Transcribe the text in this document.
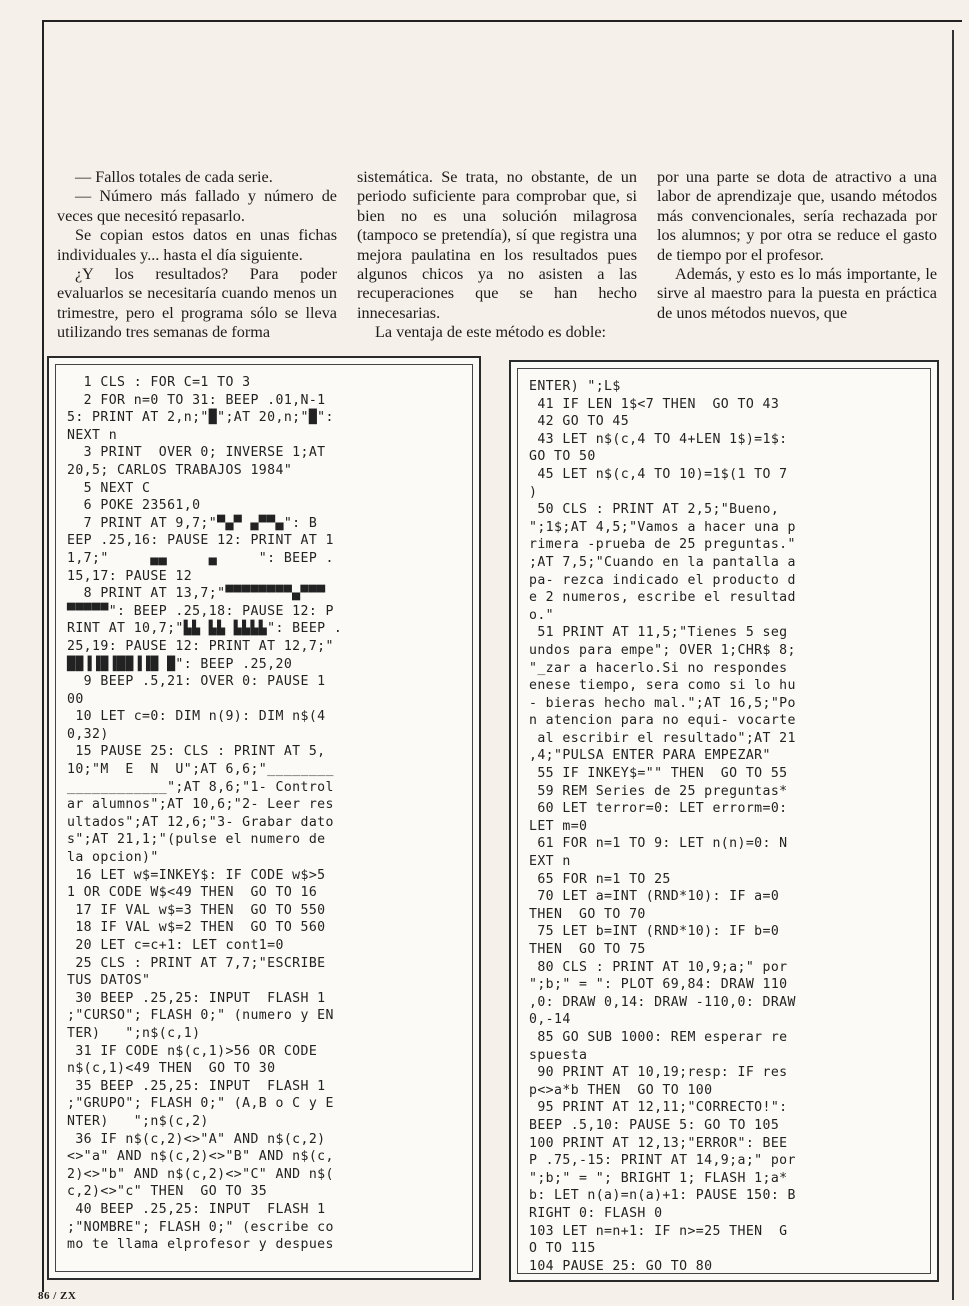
— Fallos totales de cada serie.

— Número más fallado y número de veces que necesitó repasarlo.

Se copian estos datos en unas fichas individuales y... hasta el día siguiente.

¿Y los resultados? Para poder evaluarlos se necesitaría cuando menos un trimestre, pero el programa sólo se lleva utilizando tres semanas de forma

sistemática. Se trata, no obstante, de un periodo suficiente para comprobar que, si bien no es una solución milagrosa (tampoco se pretendía), sí que registra una mejora paulatina en los resultados pues algunos chicos ya no asisten a las recuperaciones que se han hecho innecesarias.

La ventaja de este método es doble:

por una parte se dota de atractivo a una labor de aprendizaje que, usando métodos más convencionales, sería rechazada por los alumnos; y por otra se reduce el gasto de tiempo por el profesor.

Además, y esto es lo más importante, le sirve al maestro para la puesta en práctica de unos métodos nuevos, que

1 CLS : FOR C=1 TO 3
2 FOR n=0 TO 31: BEEP .01,N-1
5: PRINT AT 2,n;"█";AT 20,n;"█":
NEXT n
3 PRINT  OVER 0; INVERSE 1;AT
20,5; CARLOS TRABAJOS 1984"
5 NEXT C
6 POKE 23561,0
7 PRINT AT 9,7;"▀▄▀ ▄▀▀▄": B
EEP .25,16: PAUSE 12: PRINT AT 1
1,7;"     ▄▄     ▄     ": BEEP .
15,17: PAUSE 12
8 PRINT AT 13,7;"▀▀▀▀▀▀▀▀▄▀▀▀
▀▀▀▀▀": BEEP .25,18: PAUSE 12: P
RINT AT 10,7;"▙▙ ▙▙ ▙▙▙▙": BEEP .
25,19: PAUSE 12: PRINT AT 12,7;"
██▐▐█▐██▐▐█ █": BEEP .25,20
9 BEEP .5,21: OVER 0: PAUSE 1
00
10 LET c=0: DIM n(9): DIM n$(4
0,32)
15 PAUSE 25: CLS : PRINT AT 5,
10;"M  E  N  U";AT 6,6;"________
____________";AT 8,6;"1- Control
ar alumnos";AT 10,6;"2- Leer res
ultados";AT 12,6;"3- Grabar dato
s";AT 21,1;"(pulse el numero de
la opcion)"
16 LET w$=INKEY$: IF CODE w$>5
1 OR CODE W$<49 THEN  GO TO 16
17 IF VAL w$=3 THEN  GO TO 550
18 IF VAL w$=2 THEN  GO TO 560
20 LET c=c+1: LET cont1=0
25 CLS : PRINT AT 7,7;"ESCRIBE
TUS DATOS"
30 BEEP .25,25: INPUT  FLASH 1
;"CURSO"; FLASH 0;" (numero y EN
TER)   ";n$(c,1)
31 IF CODE n$(c,1)>56 OR CODE
n$(c,1)<49 THEN  GO TO 30
35 BEEP .25,25: INPUT  FLASH 1
;"GRUPO"; FLASH 0;" (A,B o C y E
NTER)   ";n$(c,2)
36 IF n$(c,2)<>"A" AND n$(c,2)
<>"a" AND n$(c,2)<>"B" AND n$(c,
2)<>"b" AND n$(c,2)<>"C" AND n$(
c,2)<>"c" THEN  GO TO 35
40 BEEP .25,25: INPUT  FLASH 1
;"NOMBRE"; FLASH 0;" (escribe co
mo te llama elprofesor y despues
ENTER) ";L$
41 IF LEN 1$<7 THEN  GO TO 43
42 GO TO 45
43 LET n$(c,4 TO 4+LEN 1$)=1$:
GO TO 50
45 LET n$(c,4 TO 10)=1$(1 TO 7
)
50 CLS : PRINT AT 2,5;"Bueno,
";1$;AT 4,5;"Vamos a hacer una p
rimera -prueba de 25 preguntas."
;AT 7,5;"Cuando en la pantalla a
pa- rezca indicado el producto d
e 2 numeros, escribe el resultad
o."
51 PRINT AT 11,5;"Tienes 5 seg
undos para empe"; OVER 1;CHR$ 8;
"_zar a hacerlo.Si no respondes
enese tiempo, sera como si lo hu
- bieras hecho mal.";AT 16,5;"Po
n atencion para no equi- vocarte
al escribir el resultado";AT 21
,4;"PULSA ENTER PARA EMPEZAR"
55 IF INKEY$="" THEN  GO TO 55
59 REM Series de 25 preguntas*
60 LET terror=0: LET errorm=0:
LET m=0
61 FOR n=1 TO 9: LET n(n)=0: N
EXT n
65 FOR n=1 TO 25
70 LET a=INT (RND*10): IF a=0
THEN  GO TO 70
75 LET b=INT (RND*10): IF b=0
THEN  GO TO 75
80 CLS : PRINT AT 10,9;a;" por
";b;" = ": PLOT 69,84: DRAW 110
,0: DRAW 0,14: DRAW -110,0: DRAW
0,-14
85 GO SUB 1000: REM esperar re
spuesta
90 PRINT AT 10,19;resp: IF res
p<>a*b THEN  GO TO 100
95 PRINT AT 12,11;"CORRECTO!":
BEEP .5,10: PAUSE 5: GO TO 105
100 PRINT AT 12,13;"ERROR": BEE
P .75,-15: PRINT AT 14,9;a;" por
";b;" = "; BRIGHT 1; FLASH 1;a*
b: LET n(a)=n(a)+1: PAUSE 150: B
RIGHT 0: FLASH 0
103 LET n=n+1: IF n>=25 THEN  G
O TO 115
104 PAUSE 25: GO TO 80
86 / ZX
